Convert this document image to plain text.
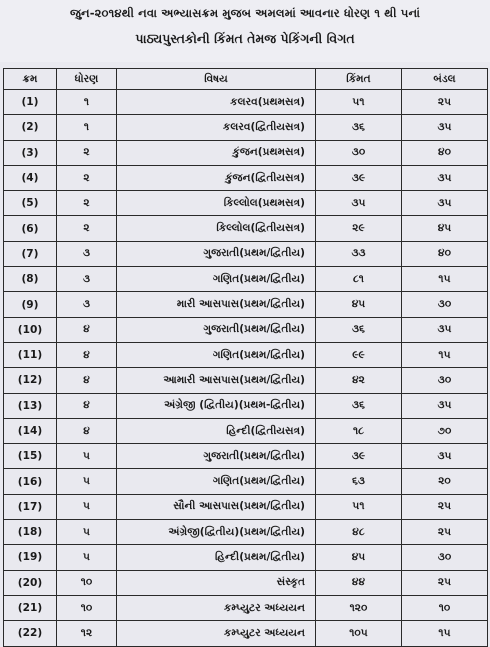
જુન-૨૦૧૪થી નવા અભ્યાસક્રમ મુજબ અમલમાં આવનાર ધોરણ ૧ થી ૫નાં
પાઠ્યપુસ્તકોની કિંમત તેમજ પેકિંગની વિગત
ક્રમ	ધોરણ	વિષય	કિંમત	બંડલ
(1)	૧	કલરવ(પ્રથમસત્ર)	૫૧	૨૫
(2)	૧	કલરવ(દ્વિતીયસત્ર)	૩૬	૩૫
(3)	૨	કુંજન(પ્રથમસત્ર)	૩૦	૪૦
(4)	૨	કુંજન(દ્વિતીયસત્ર)	૩૯	૩૫
(5)	૨	કિલ્લોલ(પ્રથમસત્ર)	૩૫	૩૫
(6)	૨	કિલ્લોલ(દ્વિતીયસત્ર)	૨૯	૪૫
(7)	૩	ગુજરાતી(પ્રથમ/દ્વિતીય)	૩૩	૪૦
(8)	૩	ગણિત(પ્રથમ/દ્વિતીય)	૮૧	૧૫
(9)	૩	મારી આસપાસ(પ્રથમ/દ્વિતીય)	૪૫	૩૦
(10)	૪	ગુજરાતી(પ્રથમ/દ્વિતીય)	૩૬	૩૫
(11)	૪	ગણિત(પ્રથમ/દ્વિતીય)	૯૯	૧૫
(12)	૪	આમારી આસપાસ(પ્રથમ/દ્વિતીય)	૪૨	૩૦
(13)	૪	અંગ્રેજી (દ્વિતીય)(પ્રથમ-દ્વિતીય)	૩૬	૩૫
(14)	૪	હિન્દી(દ્વિતીયસત્ર)	૧૮	૭૦
(15)	૫	ગુજરાતી(પ્રથમ/દ્વિતીય)	૩૯	૩૫
(16)	૫	ગણિત(પ્રથમ/દ્વિતીય)	૬૩	૨૦
(17)	૫	સૌની આસપાસ(પ્રથમ/દ્વિતીય)	૫૧	૨૫
(18)	૫	અંગ્રેજી(દ્વિતીય)(પ્રથમ/દ્વિતીય)	૪૮	૨૫
(19)	૫	હિન્દી(પ્રથમ/દ્વિતીય)	૪૫	૩૦
(20)	૧૦	સંસ્કૃત	૪૪	૨૫
(21)	૧૦	કમ્પ્યુટર અધ્યયન	૧૨૦	૧૦
(22)	૧૨	કમ્પ્યુટર અધ્યયન	૧૦૫	૧૫
